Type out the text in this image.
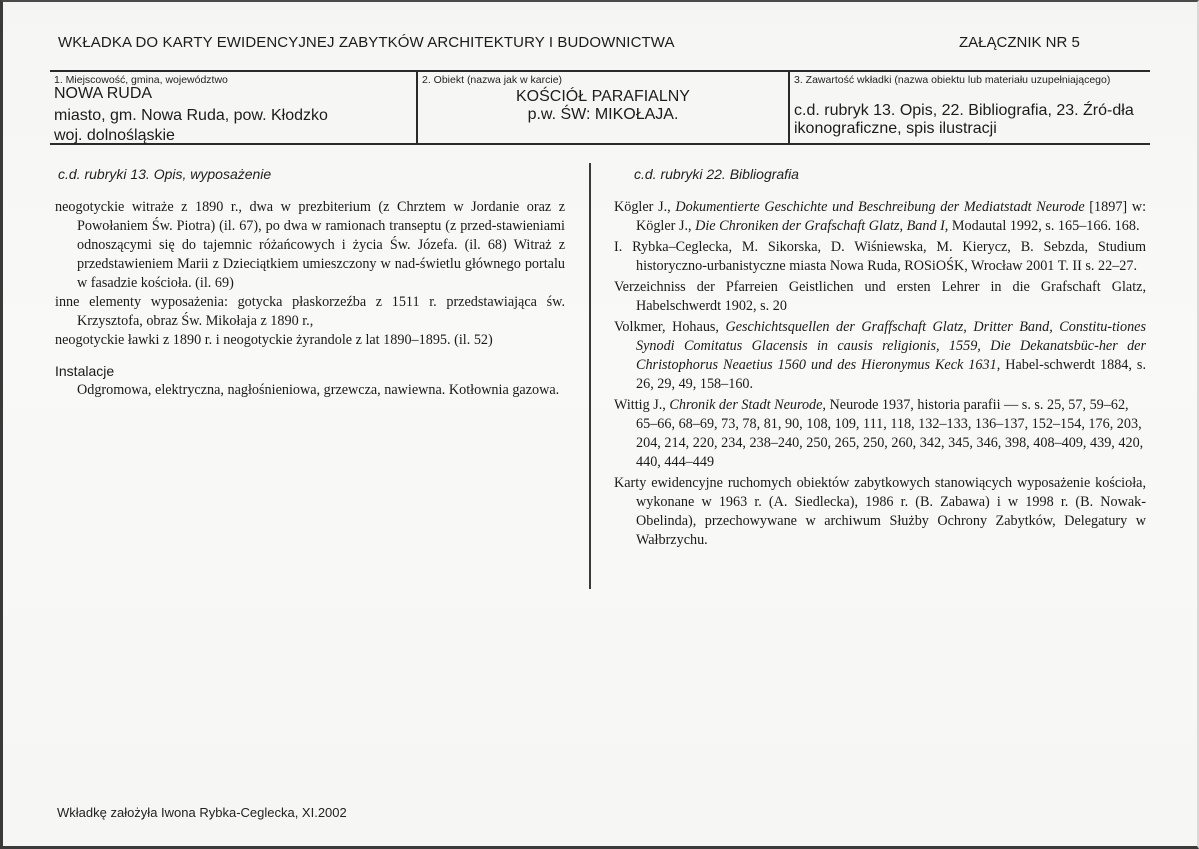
WKŁADKA DO KARTY EWIDENCYJNEJ ZABYTKÓW ARCHITEKTURY I BUDOWNICTWA	ZAŁĄCZNIK NR 5
1. Miejscowość, gmina, województwo
NOWA RUDA
miasto, gm. Nowa Ruda, pow. Kłodzko
woj. dolnośląskie
2. Obiekt (nazwa jak w karcie)
KOŚCIÓŁ PARAFIALNY
p.w. ŚW: MIKOŁAJA.
3. Zawartość wkładki (nazwa obiektu lub materiału uzupełniającego)
c.d. rubryk 13. Opis, 22. Bibliografia, 23. Źró-dła ikonograficzne, spis ilustracji
c.d. rubryki 13. Opis, wyposażenie	c.d. rubryki 22. Bibliografia
neogotyckie witraże z 1890 r., dwa w prezbiterium (z Chrztem w Jordanie oraz z Powołaniem Św. Piotra) (il. 67), po dwa w ramionach transeptu (z przed-stawieniami odnoszącymi się do tajemnic różańcowych i życia Św. Józefa. (il. 68) Witraż z przedstawieniem Marii z Dzieciątkiem umieszczony w nad-świetlu głównego portalu w fasadzie kościoła. (il. 69)
inne elementy wyposażenia: gotycka płaskorzeźba z 1511 r. przedstawiająca św. Krzysztofa, obraz Św. Mikołaja z 1890 r.,
neogotyckie ławki z 1890 r. i neogotyckie żyrandole z lat 1890–1895. (il. 52)
Instalacje
Odgromowa, elektryczna, nagłośnieniowa, grzewcza, nawiewna. Kotłownia gazowa.
Kögler J., Dokumentierte Geschichte und Beschreibung der Mediatstadt Neurode [1897] w: Kögler J., Die Chroniken der Grafschaft Glatz, Band I, Modautal 1992, s. 165–166. 168.
I. Rybka–Ceglecka, M. Sikorska, D. Wiśniewska, M. Kierycz, B. Sebzda, Studium historyczno-urbanistyczne miasta Nowa Ruda, ROSiOŚK, Wrocław 2001 T. II s. 22–27.
Verzeichniss der Pfarreien Geistlichen und ersten Lehrer in die Grafschaft Glatz, Habelschwerdt 1902, s. 20
Volkmer, Hohaus, Geschichtsquellen der Graffschaft Glatz, Dritter Band, Constitu-tiones Synodi Comitatus Glacensis in causis religionis, 1559, Die Dekanatsbüc-her der Christophorus Neaetius 1560 und des Hieronymus Keck 1631, Habel-schwerdt 1884, s. 26, 29, 49, 158–160.
Wittig J., Chronik der Stadt Neurode, Neurode 1937, historia parafii — s. s. 25, 57, 59–62, 65–66, 68–69, 73, 78, 81, 90, 108, 109, 111, 118, 132–133, 136–137, 152–154, 176, 203, 204, 214, 220, 234, 238–240, 250, 265, 250, 260, 342, 345, 346, 398, 408–409, 439, 420, 440, 444–449
Karty ewidencyjne ruchomych obiektów zabytkowych stanowiących wyposażenie kościoła, wykonane w 1963 r. (A. Siedlecka), 1986 r. (B. Zabawa) i w 1998 r. (B. Nowak-Obelinda), przechowywane w archiwum Służby Ochrony Zabytków, Delegatury w Wałbrzychu.
Wkładkę założyła Iwona Rybka-Ceglecka, XI.2002
